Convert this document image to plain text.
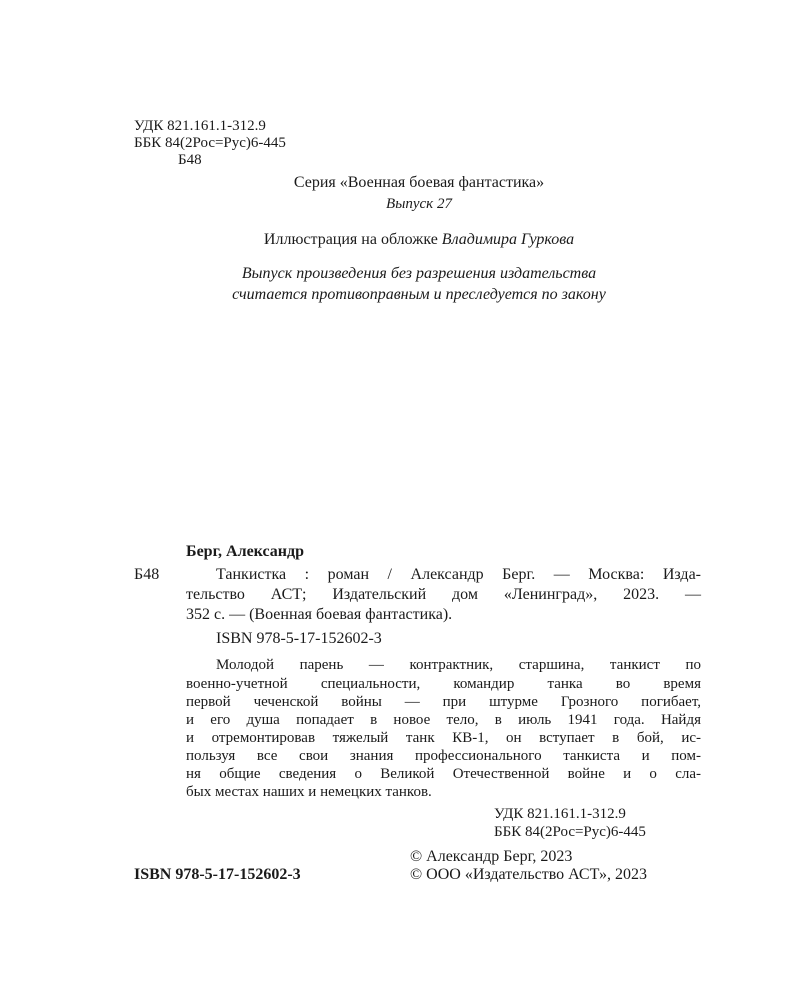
УДК 821.161.1-312.9
ББК 84(2Рос=Рус)6-445
Б48
Серия «Военная боевая фантастика»
Выпуск 27
Иллюстрация на обложке Владимира Гуркова
Выпуск произведения без разрешения издательства
считается противоправным и преследуется по закону
Берг, Александр
Б48	Танкистка : роман / Александр Берг. — Москва: Изда-
тельство АСТ; Издательский дом «Ленинград», 2023. —
352 с. — (Военная боевая фантастика).
ISBN 978-5-17-152602-3
Молодой парень — контрактник, старшина, танкист по
военно-учетной специальности, командир танка во время
первой чеченской войны — при штурме Грозного погибает,
и его душа попадает в новое тело, в июль 1941 года. Найдя
и отремонтировав тяжелый танк КВ-1, он вступает в бой, ис-
пользуя все свои знания профессионального танкиста и пом-
ня общие сведения о Великой Отечественной войне и о сла-
бых местах наших и немецких танков.
УДК 821.161.1-312.9
ББК 84(2Рос=Рус)6-445
© Александр Берг, 2023
ISBN 978-5-17-152602-3	© ООО «Издательство АСТ», 2023
